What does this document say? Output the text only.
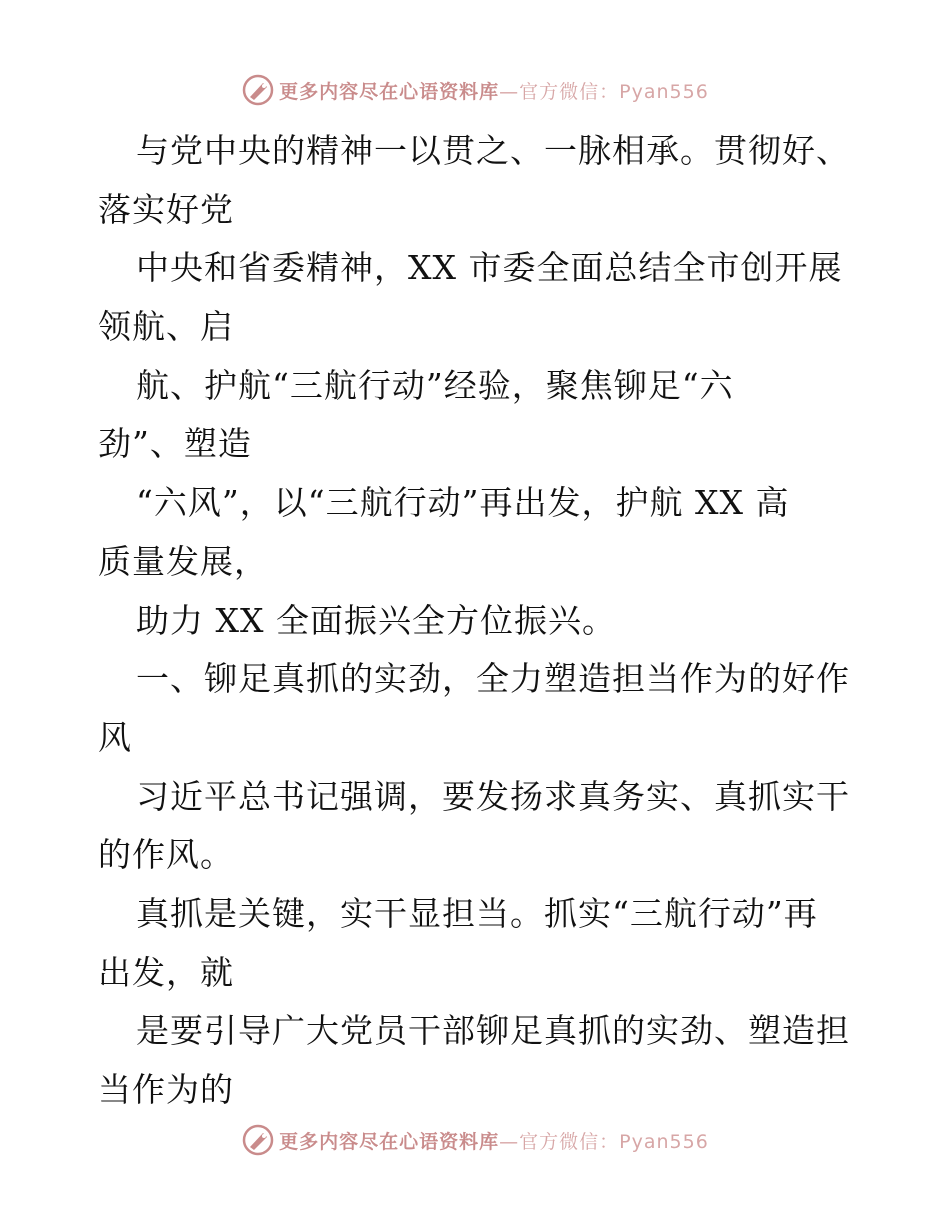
更多内容尽在心语资料库—官方微信：Pyan556
与党中央的精神一以贯之、一脉相承。贯彻好、
落实好党
中央和省委精神，XX 市委全面总结全市创开展
领航、启
航、护航“三航行动”经验，聚焦铆足“六
劲”、塑造
“六风”，以“三航行动”再出发，护航 XX 高
质量发展，
助力 XX 全面振兴全方位振兴。
一、铆足真抓的实劲，全力塑造担当作为的好作
风
习近平总书记强调，要发扬求真务实、真抓实干
的作风。
真抓是关键，实干显担当。抓实“三航行动”再
出发，就
是要引导广大党员干部铆足真抓的实劲、塑造担
当作为的
更多内容尽在心语资料库—官方微信：Pyan556
